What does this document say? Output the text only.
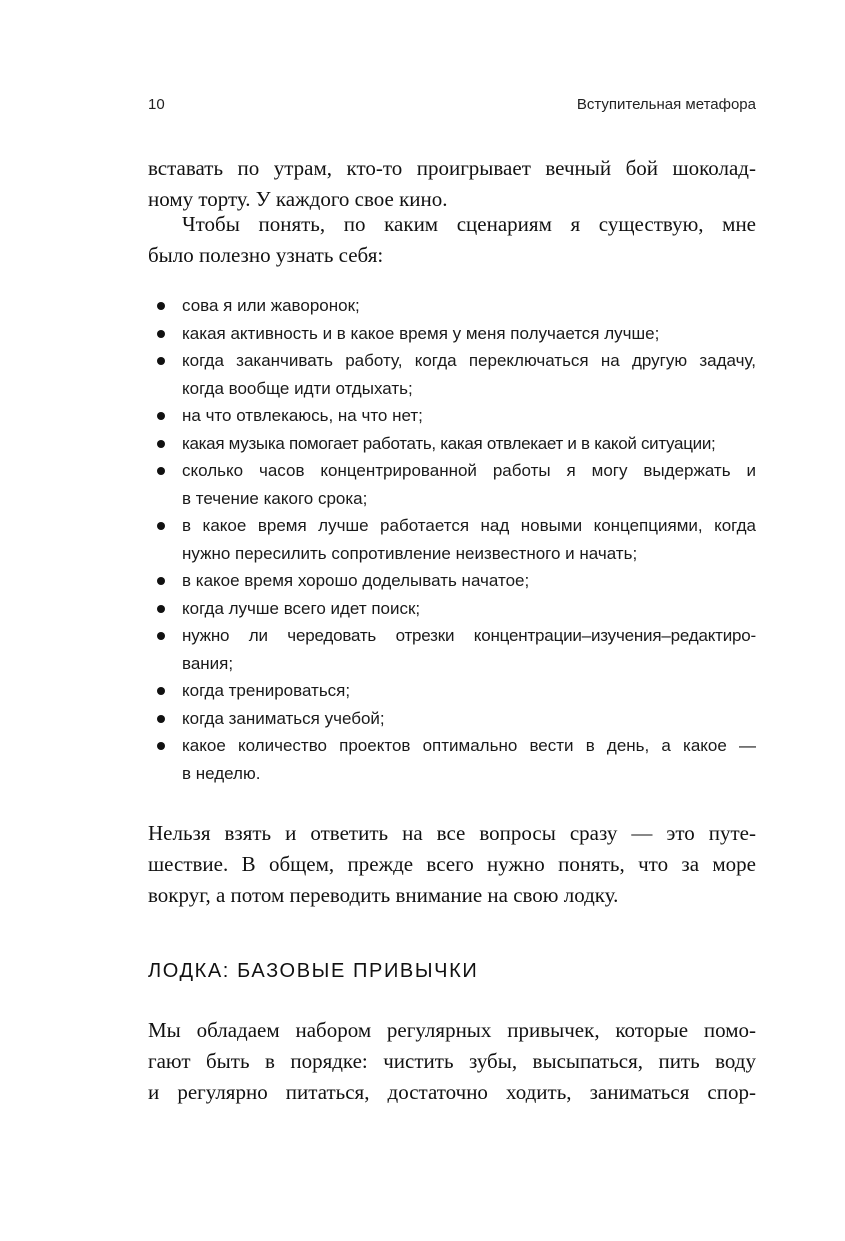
10	Вступительная метафора
вставать по утрам, кто-то проигрывает вечный бой шоколад-
ному торту. У каждого свое кино.
Чтобы понять, по каким сценариям я существую, мне
было полезно узнать себя:
сова я или жаворонок;
какая активность и в какое время у меня получается лучше;
когда заканчивать работу, когда переключаться на другую задачу,
когда вообще идти отдыхать;
на что отвлекаюсь, на что нет;
какая музыка помогает работать, какая отвлекает и в какой ситуации;
сколько часов концентрированной работы я могу выдержать и
в течение какого срока;
в какое время лучше работается над новыми концепциями, когда
нужно пересилить сопротивление неизвестного и начать;
в какое время хорошо доделывать начатое;
когда лучше всего идет поиск;
нужно ли чередовать отрезки концентрации–изучения–редактиро-
вания;
когда тренироваться;
когда заниматься учебой;
какое количество проектов оптимально вести в день, а какое —
в неделю.
Нельзя взять и ответить на все вопросы сразу — это путе-
шествие. В общем, прежде всего нужно понять, что за море
вокруг, а потом переводить внимание на свою лодку.
ЛОДКА: БАЗОВЫЕ ПРИВЫЧКИ
Мы обладаем набором регулярных привычек, которые помо-
гают быть в порядке: чистить зубы, высыпаться, пить воду
и регулярно питаться, достаточно ходить, заниматься спор-
